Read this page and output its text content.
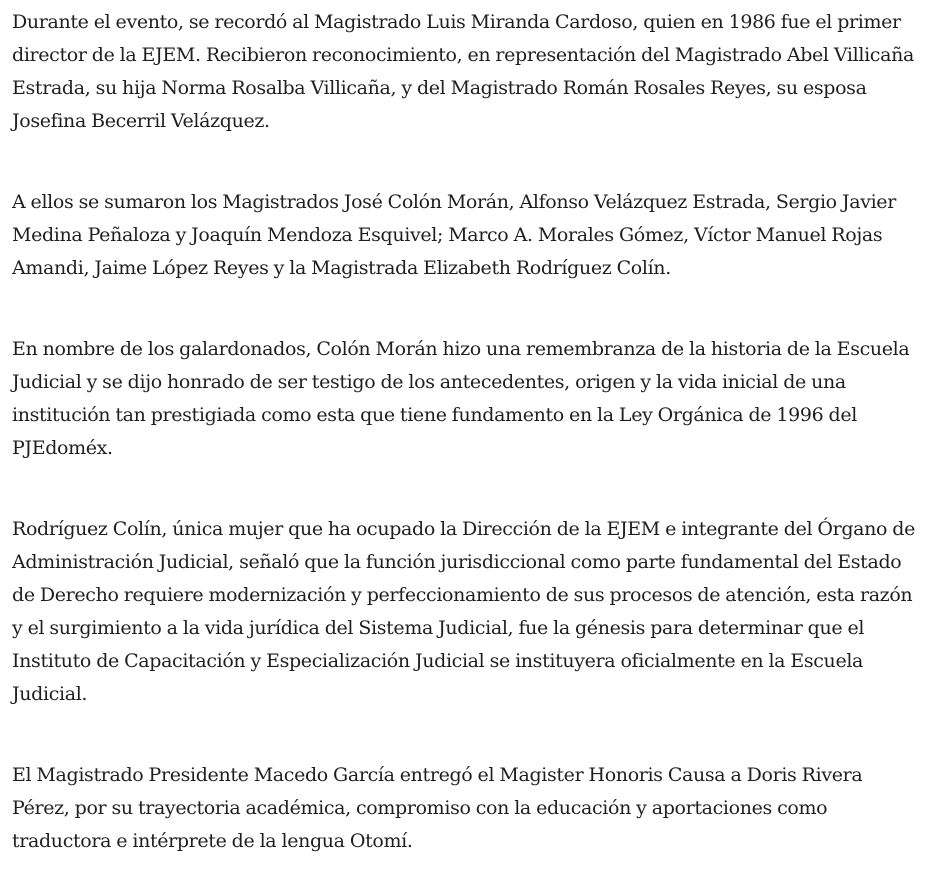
Durante el evento, se recordó al Magistrado Luis Miranda Cardoso, quien en 1986 fue el primer director de la EJEM. Recibieron reconocimiento, en representación del Magistrado Abel Villicaña Estrada, su hija Norma Rosalba Villicaña, y del Magistrado Román Rosales Reyes, su esposa Josefina Becerril Velázquez.

A ellos se sumaron los Magistrados José Colón Morán, Alfonso Velázquez Estrada, Sergio Javier Medina Peñaloza y Joaquín Mendoza Esquivel; Marco A. Morales Gómez, Víctor Manuel Rojas Amandi, Jaime López Reyes y la Magistrada Elizabeth Rodríguez Colín.

En nombre de los galardonados, Colón Morán hizo una remembranza de la historia de la Escuela Judicial y se dijo honrado de ser testigo de los antecedentes, origen y la vida inicial de una institución tan prestigiada como esta que tiene fundamento en la Ley Orgánica de 1996 del PJEdoméx.

Rodríguez Colín, única mujer que ha ocupado la Dirección de la EJEM e integrante del Órgano de Administración Judicial, señaló que la función jurisdiccional como parte fundamental del Estado de Derecho requiere modernización y perfeccionamiento de sus procesos de atención, esta razón y el surgimiento a la vida jurídica del Sistema Judicial, fue la génesis para determinar que el Instituto de Capacitación y Especialización Judicial se instituyera oficialmente en la Escuela Judicial.

El Magistrado Presidente Macedo García entregó el Magister Honoris Causa a Doris Rivera Pérez, por su trayectoria académica, compromiso con la educación y aportaciones como traductora e intérprete de la lengua Otomí.
